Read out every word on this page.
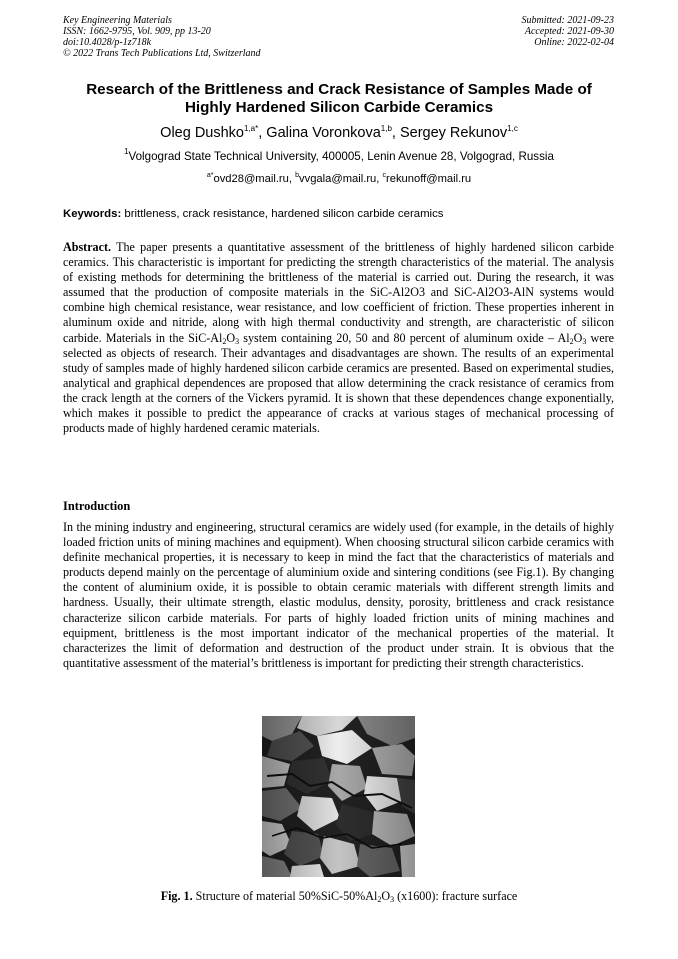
Key Engineering Materials
ISSN: 1662-9795, Vol. 909, pp 13-20
doi:10.4028/p-1z718k
© 2022 Trans Tech Publications Ltd, Switzerland
Submitted: 2021-09-23
Accepted: 2021-09-30
Online: 2022-02-04
Research of the Brittleness and Crack Resistance of Samples Made of Highly Hardened Silicon Carbide Ceramics
Oleg Dushko$^{1,a*}$, Galina Voronkova$^{1,b}$, Sergey Rekunov$^{1,c}$
$^1$Volgograd State Technical University, 400005, Lenin Avenue 28, Volgograd, Russia
$^{a*}$ovd28@mail.ru, $^b$vvgala@mail.ru, $^c$rekunoff@mail.ru
Keywords: brittleness, crack resistance, hardened silicon carbide ceramics

Abstract. The paper presents a quantitative assessment of the brittleness of highly hardened silicon carbide ceramics. This characteristic is important for predicting the strength characteristics of the material. The analysis of existing methods for determining the brittleness of the material is carried out. During the research, it was assumed that the production of composite materials in the SiC-Al2O3 and SiC-Al2O3-AlN systems would combine high chemical resistance, wear resistance, and low coefficient of friction. These properties inherent in aluminum oxide and nitride, along with high thermal conductivity and strength, are characteristic of silicon carbide. Materials in the SiC-$Al_2O_3$ system containing 20, 50 and 80 percent of aluminum oxide – $Al_2O_3$ were selected as objects of research. Their advantages and disadvantages are shown. The results of an experimental study of samples made of highly hardened silicon carbide ceramics are presented. Based on experimental studies, analytical and graphical dependences are proposed that allow determining the crack resistance of ceramics from the crack length at the corners of the Vickers pyramid. It is shown that these dependences change exponentially, which makes it possible to predict the appearance of cracks at various stages of mechanical processing of products made of highly hardened ceramic materials.

Introduction

In the mining industry and engineering, structural ceramics are widely used (for example, in the details of highly loaded friction units of mining machines and equipment). When choosing structural silicon carbide ceramics with definite mechanical properties, it is necessary to keep in mind the fact that the characteristics of materials and products depend mainly on the percentage of aluminium oxide and sintering conditions (see Fig.1). By changing the content of aluminium oxide, it is possible to obtain ceramic materials with different strength limits and hardness. Usually, their ultimate strength, elastic modulus, density, porosity, brittleness and crack resistance characterize silicon carbide materials. For parts of highly loaded friction units of mining machines and equipment, brittleness is the most important indicator of the mechanical properties of the material. It characterizes the limit of deformation and destruction of the product under strain. It is obvious that the quantitative assessment of the material’s brittleness is important for predicting their strength characteristics.

Fig. 1. Structure of material $50\%SiC-50\%Al_2O_3$ (x1600): fracture surface
